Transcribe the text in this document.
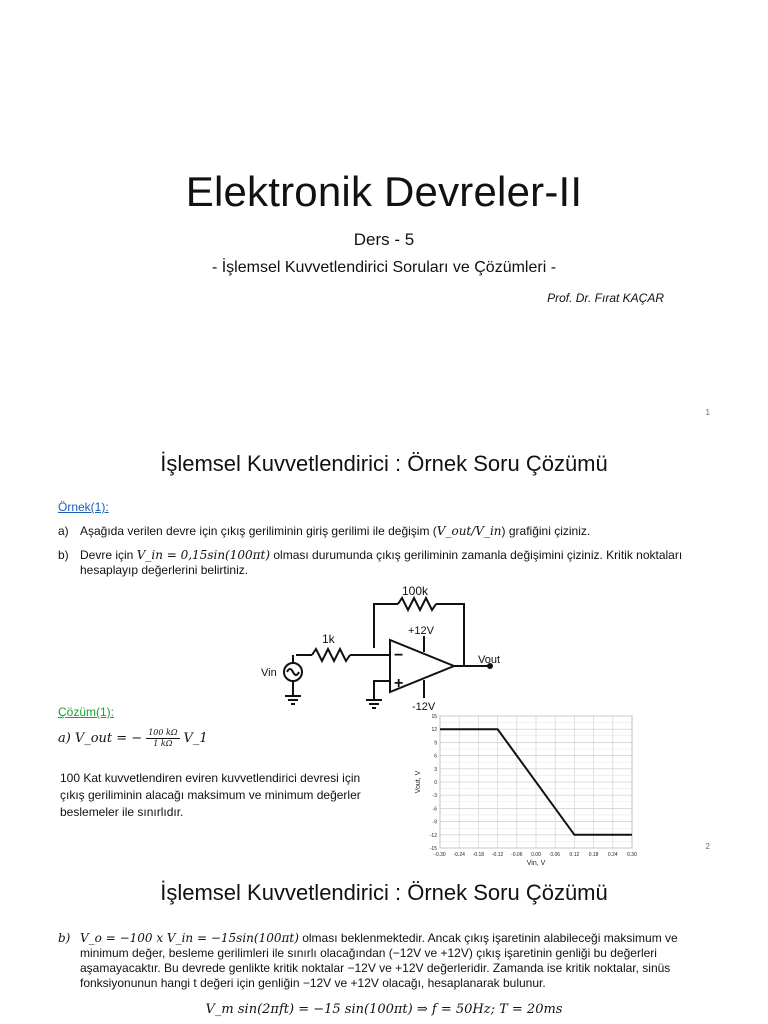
Elektronik Devreler-II
Ders - 5
- İşlemsel Kuvvetlendirici Soruları ve Çözümleri -
Prof. Dr. Fırat KAÇAR
1
İşlemsel Kuvvetlendirici : Örnek Soru Çözümü
Örnek(1):
a) Aşağıda verilen devre için çıkış geriliminin giriş gerilimi ile değişim (V_out/V_in) grafiğini çiziniz.
b) Devre için V_in = 0,15sin(100πt) olması durumunda çıkış geriliminin zamanla değişimini çiziniz. Kritik noktaları hesaplayıp değerlerini belirtiniz.
100k
1k
+12V
-12V
Vin
Vout
−
+
Çözüm(1):
a) V_out = − $\frac{100 k\Omega}{1 k\Omega}$ V_1
100 Kat kuvvetlendiren eviren kuvvetlendirici devresi için çıkış geriliminin alacağı maksimum ve minimum değerler beslemeler ile sınırlıdır.
-0.30 -0.24 -0.18 -0.12 -0.06 0.00 0.06 0.12 0.18 0.24 0.30
15
12
9
6
3
0
-3
-6
-9
-12
-15
Vin, V
Vout, V
2
İşlemsel Kuvvetlendirici : Örnek Soru Çözümü
b) V_o = −100 x V_in = −15sin(100πt) olması beklenmektedir. Ancak çıkış işaretinin alabileceği maksimum ve minimum değer, besleme gerilimleri ile sınırlı olacağından (−12V ve +12V) çıkış işaretinin genliği bu değerleri aşamayacaktır. Bu devrede genlikte kritik noktalar −12V ve +12V değerleridir. Zamanda ise kritik noktalar, sinüs fonksiyonunun hangi t değeri için genliğin −12V ve +12V olacağı, hesaplanarak bulunur.
V_m sin(2πft) = −15 sin(100πt) ⇒ f = 50Hz; T = 20ms
